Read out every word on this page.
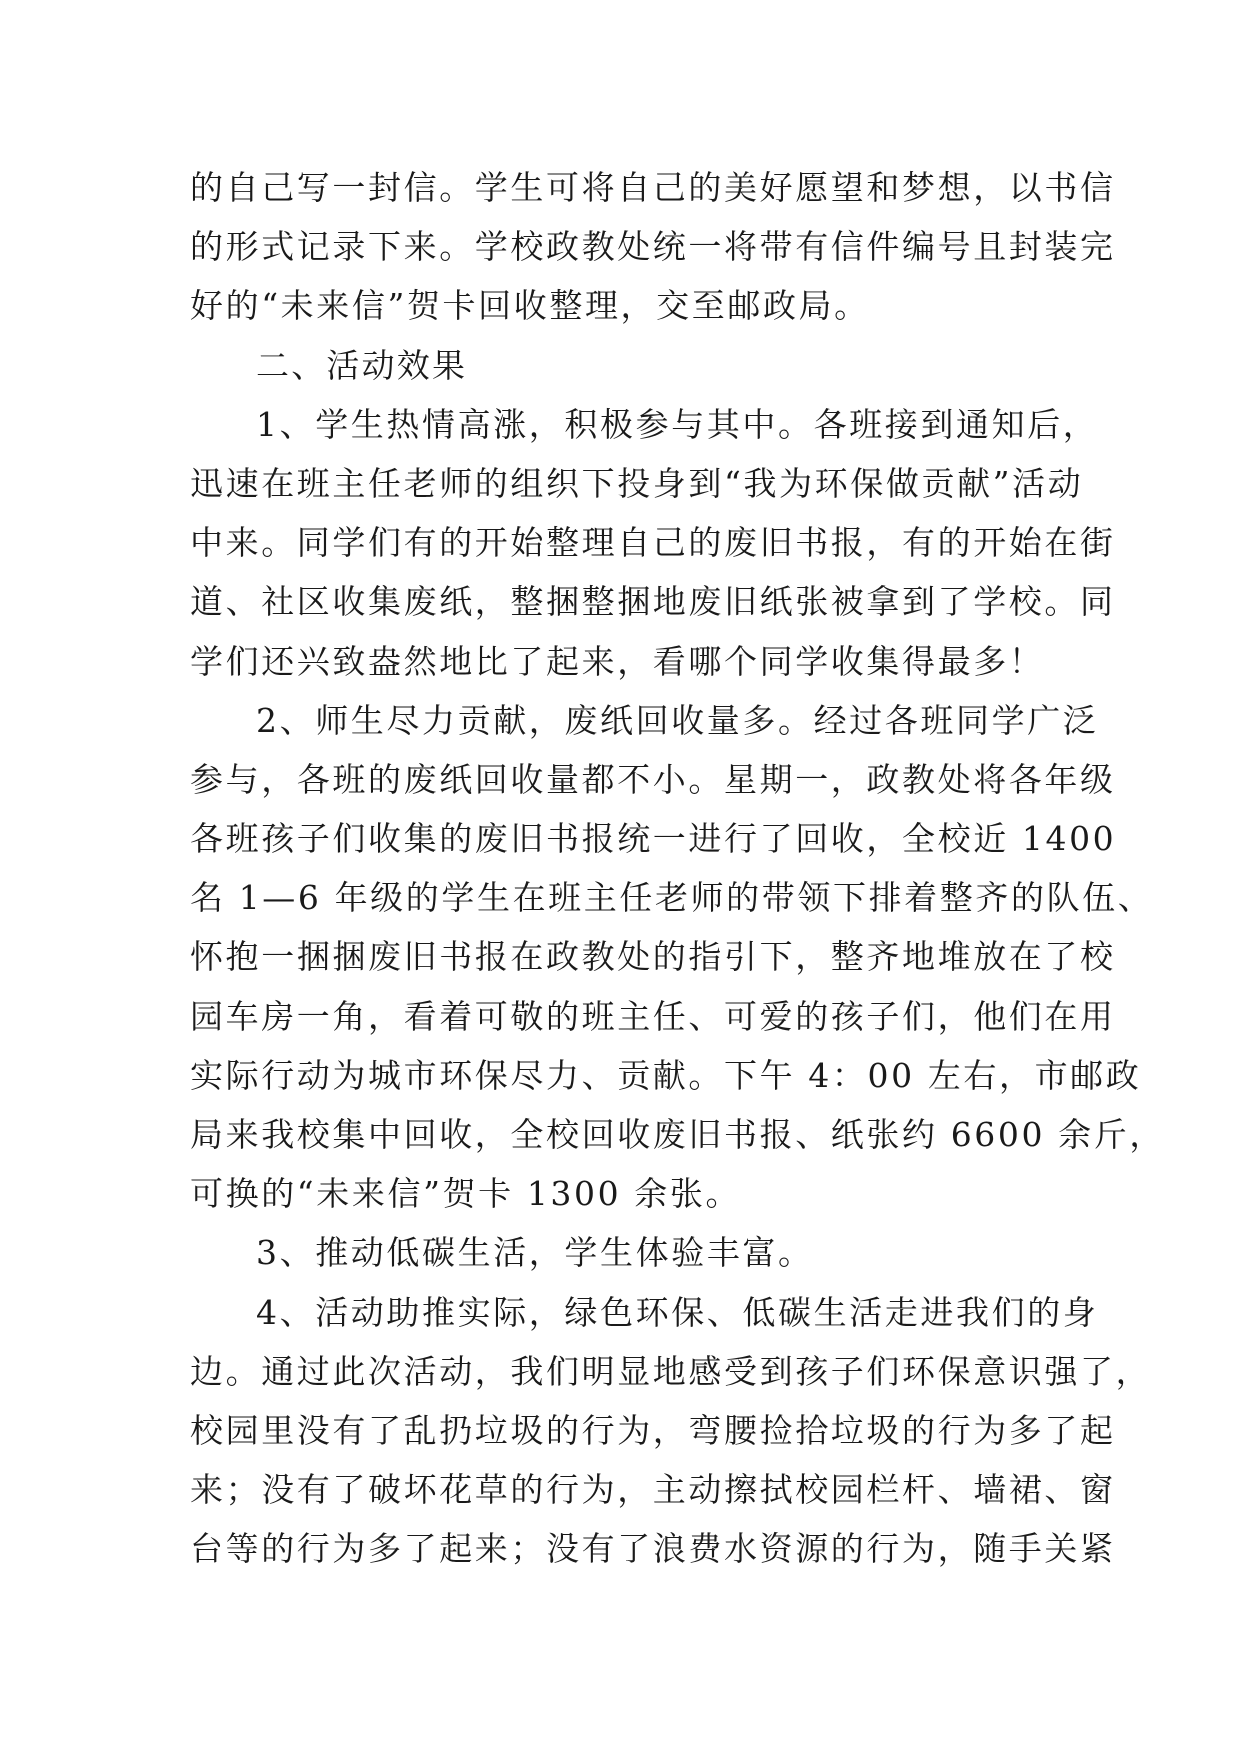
的自己写一封信。学生可将自己的美好愿望和梦想，以书信
的形式记录下来。学校政教处统一将带有信件编号且封装完
好的“未来信”贺卡回收整理，交至邮政局。
二、活动效果
1、学生热情高涨，积极参与其中。各班接到通知后，
迅速在班主任老师的组织下投身到“我为环保做贡献”活动
中来。同学们有的开始整理自己的废旧书报，有的开始在街
道、社区收集废纸，整捆整捆地废旧纸张被拿到了学校。同
学们还兴致盎然地比了起来，看哪个同学收集得最多！
2、师生尽力贡献，废纸回收量多。经过各班同学广泛
参与，各班的废纸回收量都不小。星期一，政教处将各年级
各班孩子们收集的废旧书报统一进行了回收，全校近 1400
名 1—6 年级的学生在班主任老师的带领下排着整齐的队伍、
怀抱一捆捆废旧书报在政教处的指引下，整齐地堆放在了校
园车房一角，看着可敬的班主任、可爱的孩子们，他们在用
实际行动为城市环保尽力、贡献。下午 4：00 左右，市邮政
局来我校集中回收，全校回收废旧书报、纸张约 6600 余斤，
可换的“未来信”贺卡 1300 余张。
3、推动低碳生活，学生体验丰富。
4、活动助推实际，绿色环保、低碳生活走进我们的身
边。通过此次活动，我们明显地感受到孩子们环保意识强了，
校园里没有了乱扔垃圾的行为，弯腰捡拾垃圾的行为多了起
来；没有了破坏花草的行为，主动擦拭校园栏杆、墙裙、窗
台等的行为多了起来；没有了浪费水资源的行为，随手关紧
